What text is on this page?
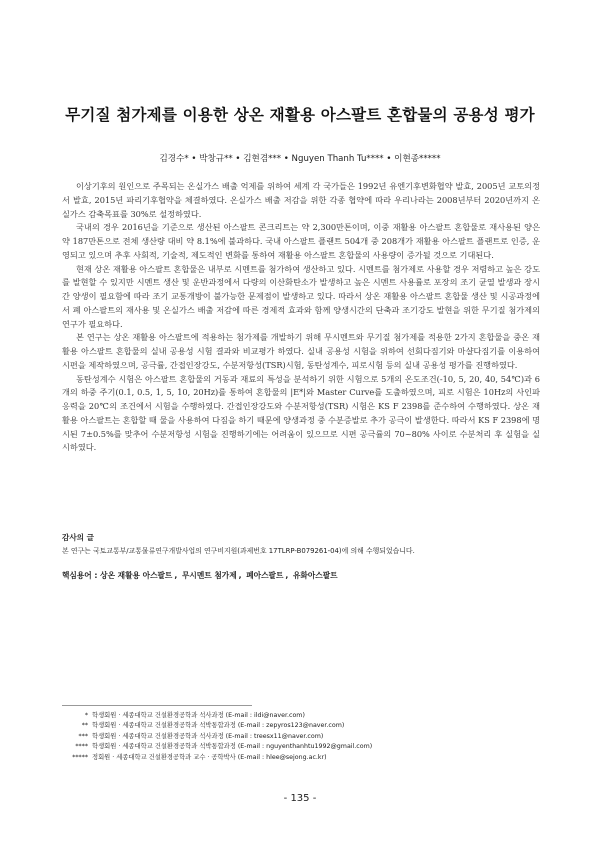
무기질 첨가제를 이용한 상온 재활용 아스팔트 혼합물의 공용성 평가
김경수* • 박창규** • 김현겸*** • Nguyen Thanh Tu**** • 이현종*****

이상기후의 원인으로 주목되는 온실가스 배출 억제를 위하여 세계 각 국가들은 1992년 유엔기후변화협약 발효, 2005년 교토의정서 발효, 2015년 파리기후협약을 체결하였다. 온실가스 배출 저감을 위한 각종 협약에 따라 우리나라는 2008년부터 2020년까지 온실가스 감축목표를 30%로 설정하였다.

국내의 경우 2016년을 기준으로 생산된 아스팔트 콘크리트는 약 2,300만톤이며, 이중 재활용 아스팔트 혼합물로 재사용된 양은 약 187만톤으로 전체 생산량 대비 약 8.1%에 불과하다. 국내 아스팔트 플랜트 504개 중 208개가 재활용 아스팔트 플랜트로 인증, 운영되고 있으며 추후 사회적, 기술적, 제도적인 변화를 통하여 재활용 아스팔트 혼합물의 사용량이 증가될 것으로 기대된다.

현재 상온 재활용 아스팔트 혼합물은 내부로 시멘트를 첨가하여 생산하고 있다. 시멘트를 첨가제로 사용할 경우 저렴하고 높은 강도를 발현할 수 있지만 시멘트 생산 및 운반과정에서 다량의 이산화탄소가 발생하고 높은 시멘트 사용률로 포장의 조기 균열 발생과 장시간 양생이 필요함에 따라 조기 교통개방이 불가능한 문제점이 발생하고 있다. 따라서 상온 재활용 아스팔트 혼합물 생산 및 시공과정에서 폐 아스팔트의 재사용 및 온실가스 배출 저감에 따른 경제적 효과와 함께 양생시간의 단축과 조기강도 발현을 위한 무기질 첨가제의 연구가 필요하다.

본 연구는 상온 재활용 아스팔트에 적용하는 첨가제를 개발하기 위해 무시멘트와 무기질 첨가제를 적용한 2가지 혼합물을 중온 재활용 아스팔트 혼합물의 실내 공용성 시험 결과와 비교평가 하였다. 실내 공용성 시험을 위하여 선회다짐기와 마샬다짐기를 이용하여 시편을 제작하였으며, 공극률, 간접인장강도, 수분저항성(TSR)시험, 동탄성계수, 피로시험 등의 실내 공용성 평가를 진행하였다.

동탄성계수 시험은 아스팔트 혼합물의 거동과 재료의 특성을 분석하기 위한 시험으로 5개의 온도조건(-10, 5, 20, 40, 54℃)과 6개의 하중 주기(0.1, 0.5, 1, 5, 10, 20Hz)를 통하여 혼합물의 |E*|와 Master Curve를 도출하였으며, 피로 시험은 10Hz의 사인파 응력을 20℃의 조건에서 시험을 수행하였다. 간접인장강도와 수분저항성(TSR) 시험은 KS F 2398를 준수하여 수행하였다. 상온 재활용 아스팔트는 혼합할 때 물을 사용하여 다짐을 하기 때문에 양생과정 중 수분증발로 추가 공극이 발생한다. 따라서 KS F 2398에 명시된 7±0.5%를 맞추어 수분저항성 시험을 진행하기에는 어려움이 있으므로 시편 공극률의 70~80% 사이로 수분처리 후 실험을 실시하였다.

감사의 글
본 연구는 국토교통부/교통물류연구개발사업의 연구비지원(과제번호 17TLRP-B079261-04)에 의해 수행되었습니다.
핵심용어 : 상온 재활용 아스팔트 , 무시멘트 첨가제 , 폐아스팔트 , 유화아스팔트
* 학생회원 · 세종대학교 건설환경공학과 석사과정 (E-mail : ildi@naver.com)
** 학생회원 · 세종대학교 건설환경공학과 석박통합과정 (E-mail : zepyros123@naver.com)
*** 학생회원 · 세종대학교 건설환경공학과 석사과정 (E-mail : treesx11@naver.com)
**** 학생회원 · 세종대학교 건설환경공학과 석박통합과정 (E-mail : nguyenthanhtu1992@gmail.com)
***** 정회원 · 세종대학교 건설환경공학과 교수 · 공학박사 (E-mail : hlee@sejong.ac.kr)
- 135 -
